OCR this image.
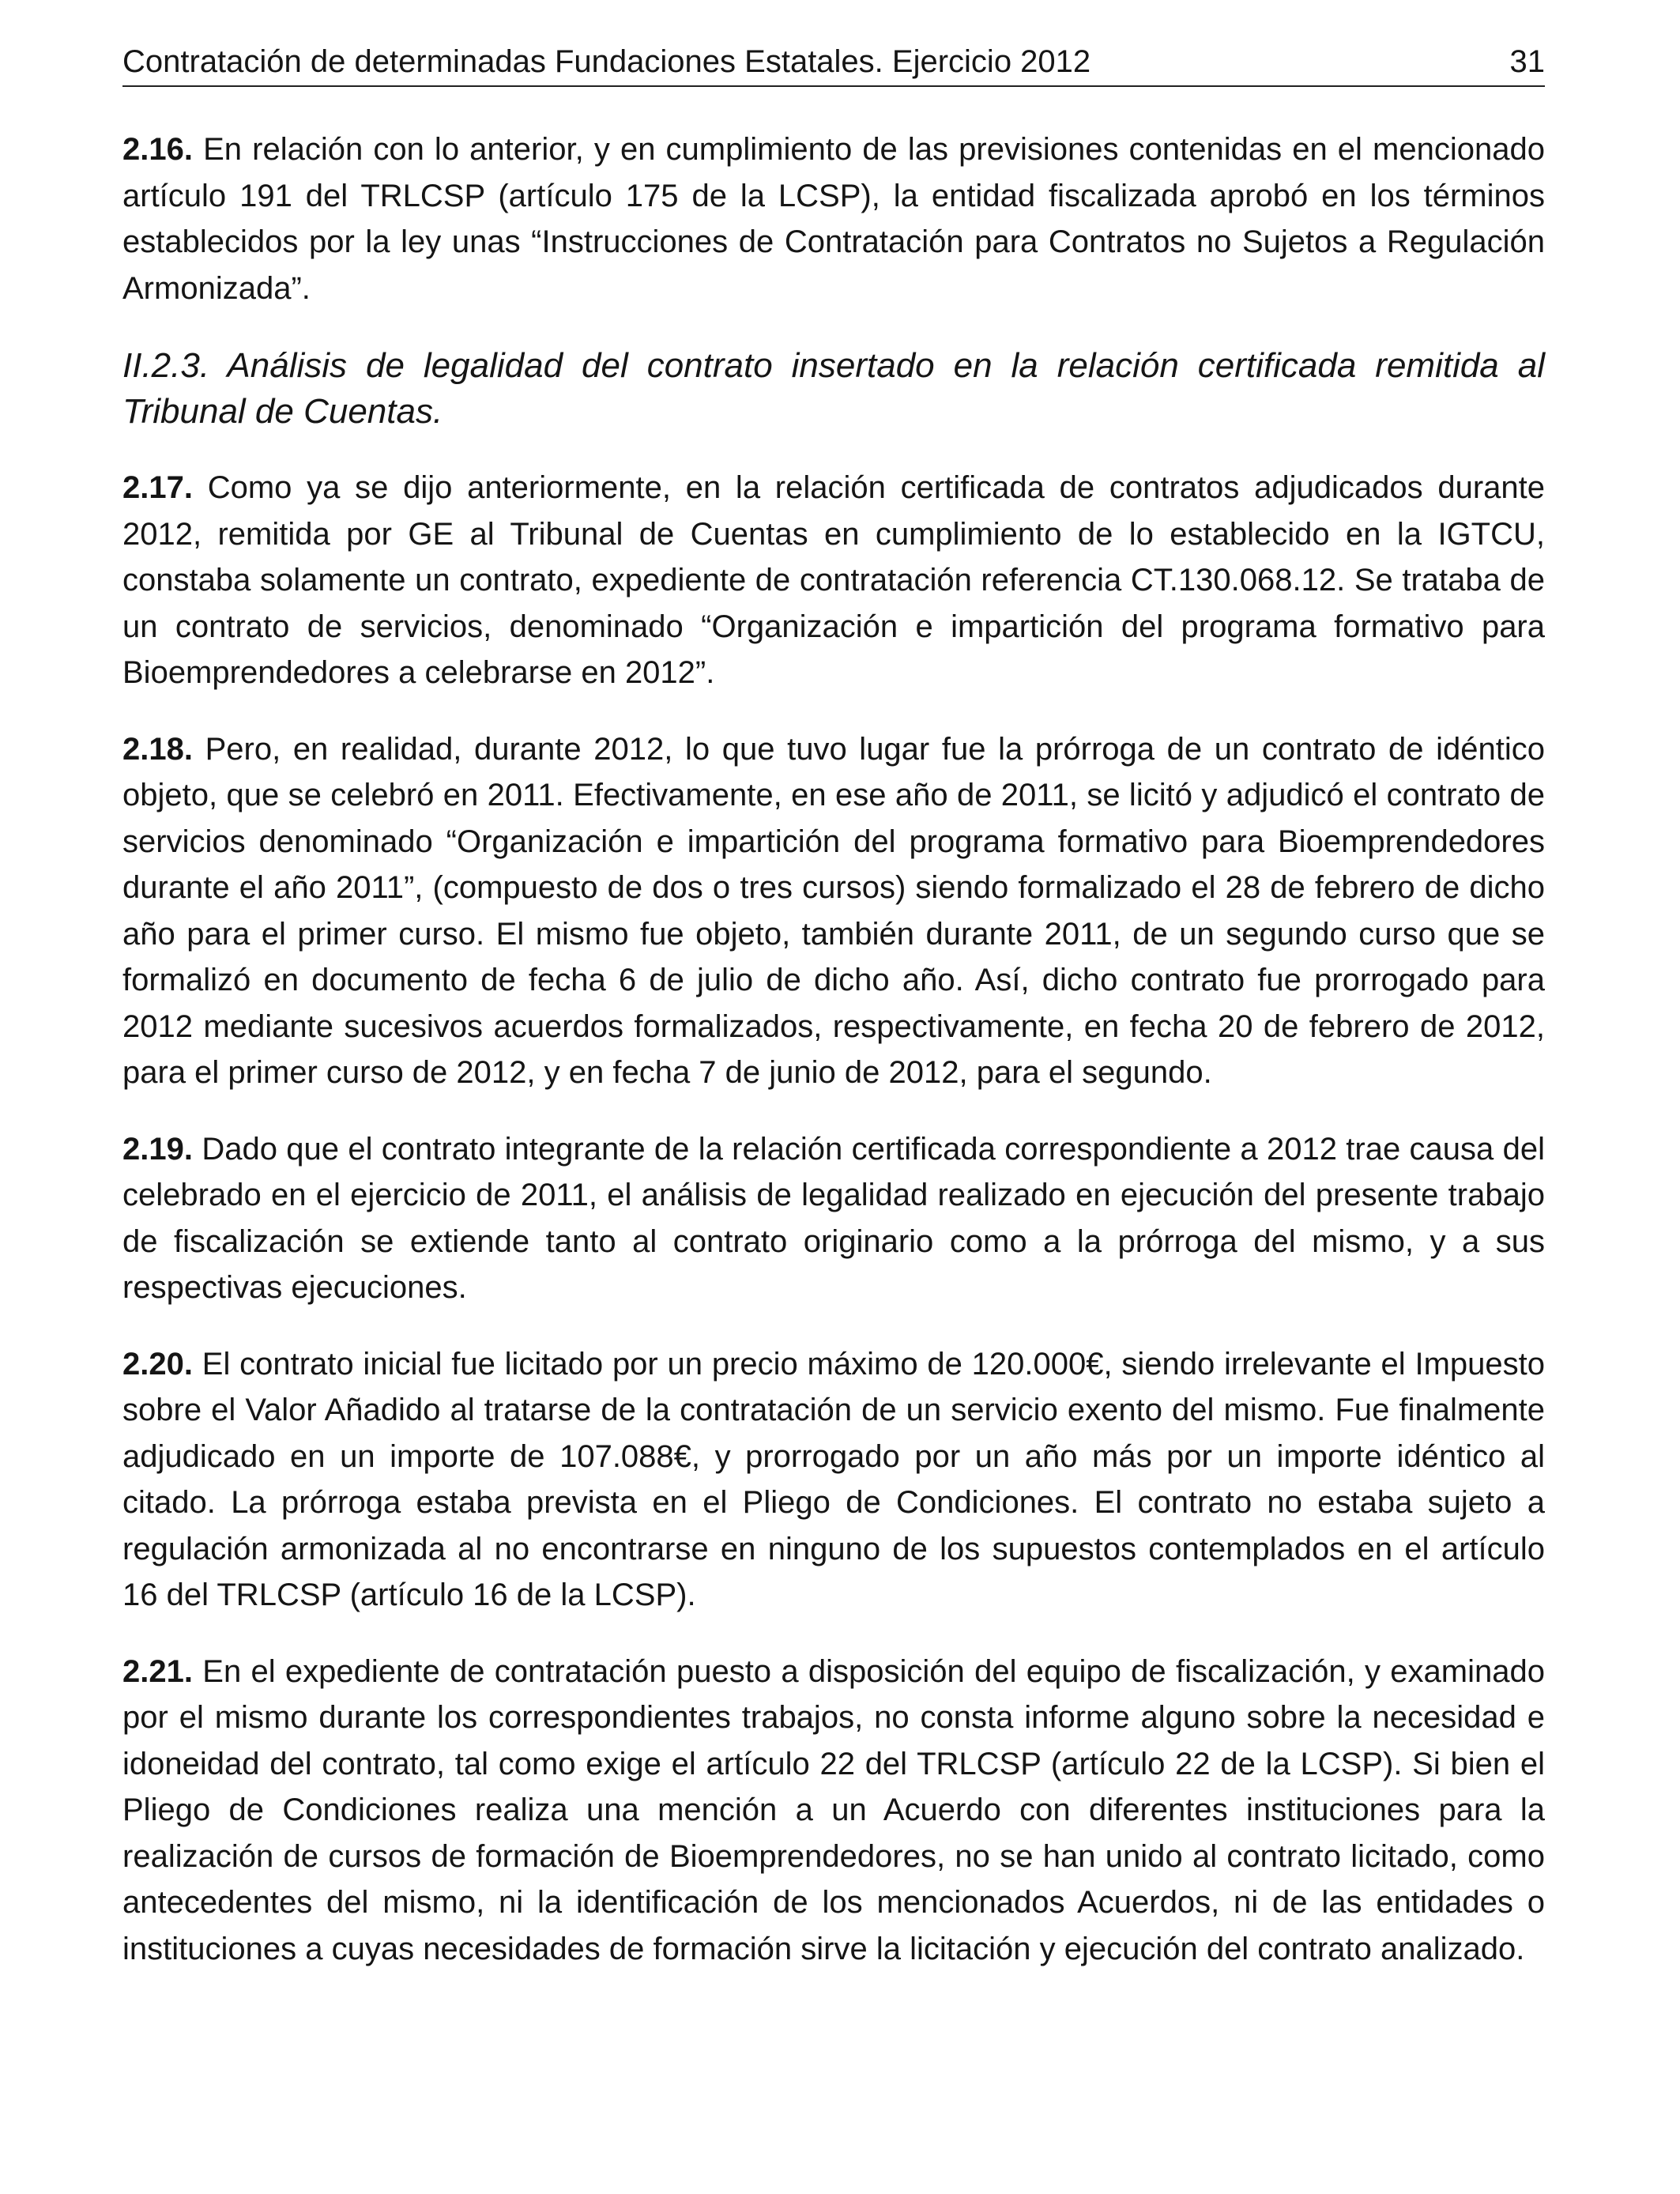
Contratación de determinadas Fundaciones Estatales. Ejercicio 2012	31

2.16. En relación con lo anterior, y en cumplimiento de las previsiones contenidas en el mencionado artículo 191 del TRLCSP (artículo 175 de la LCSP), la entidad fiscalizada aprobó en los términos establecidos por la ley unas “Instrucciones de Contratación para Contratos no Sujetos a Regulación Armonizada”.

II.2.3. Análisis de legalidad del contrato insertado en la relación certificada remitida al Tribunal de Cuentas.

2.17. Como ya se dijo anteriormente, en la relación certificada de contratos adjudicados durante 2012, remitida por GE al Tribunal de Cuentas en cumplimiento de lo establecido en la IGTCU, constaba solamente un contrato, expediente de contratación referencia CT.130.068.12. Se trataba de un contrato de servicios, denominado “Organización e impartición del programa formativo para Bioemprendedores a celebrarse en 2012”.

2.18. Pero, en realidad, durante 2012, lo que tuvo lugar fue la prórroga de un contrato de idéntico objeto, que se celebró en 2011. Efectivamente, en ese año de 2011, se licitó y adjudicó el contrato de servicios denominado “Organización e impartición del programa formativo para Bioemprendedores durante el año 2011”, (compuesto de dos o tres cursos) siendo formalizado el 28 de febrero de dicho año para el primer curso. El mismo fue objeto, también durante 2011, de un segundo curso que se formalizó en documento de fecha 6 de julio de dicho año. Así, dicho contrato fue prorrogado para 2012 mediante sucesivos acuerdos formalizados, respectivamente, en fecha 20 de febrero de 2012, para el primer curso de 2012, y en fecha 7 de junio de 2012, para el segundo.

2.19. Dado que el contrato integrante de la relación certificada correspondiente a 2012 trae causa del celebrado en el ejercicio de 2011, el análisis de legalidad realizado en ejecución del presente trabajo de fiscalización se extiende tanto al contrato originario como a la prórroga del mismo, y a sus respectivas ejecuciones.

2.20. El contrato inicial fue licitado por un precio máximo de 120.000€, siendo irrelevante el Impuesto sobre el Valor Añadido al tratarse de la contratación de un servicio exento del mismo. Fue finalmente adjudicado en un importe de 107.088€, y prorrogado por un año más por un importe idéntico al citado. La prórroga estaba prevista en el Pliego de Condiciones. El contrato no estaba sujeto a regulación armonizada al no encontrarse en ninguno de los supuestos contemplados en el artículo 16 del TRLCSP (artículo 16 de la LCSP).

2.21. En el expediente de contratación puesto a disposición del equipo de fiscalización, y examinado por el mismo durante los correspondientes trabajos, no consta informe alguno sobre la necesidad e idoneidad del contrato, tal como exige el artículo 22 del TRLCSP (artículo 22 de la LCSP). Si bien el Pliego de Condiciones realiza una mención a un Acuerdo con diferentes instituciones para la realización de cursos de formación de Bioemprendedores, no se han unido al contrato licitado, como antecedentes del mismo, ni la identificación de los mencionados Acuerdos, ni de las entidades o instituciones a cuyas necesidades de formación sirve la licitación y ejecución del contrato analizado.
